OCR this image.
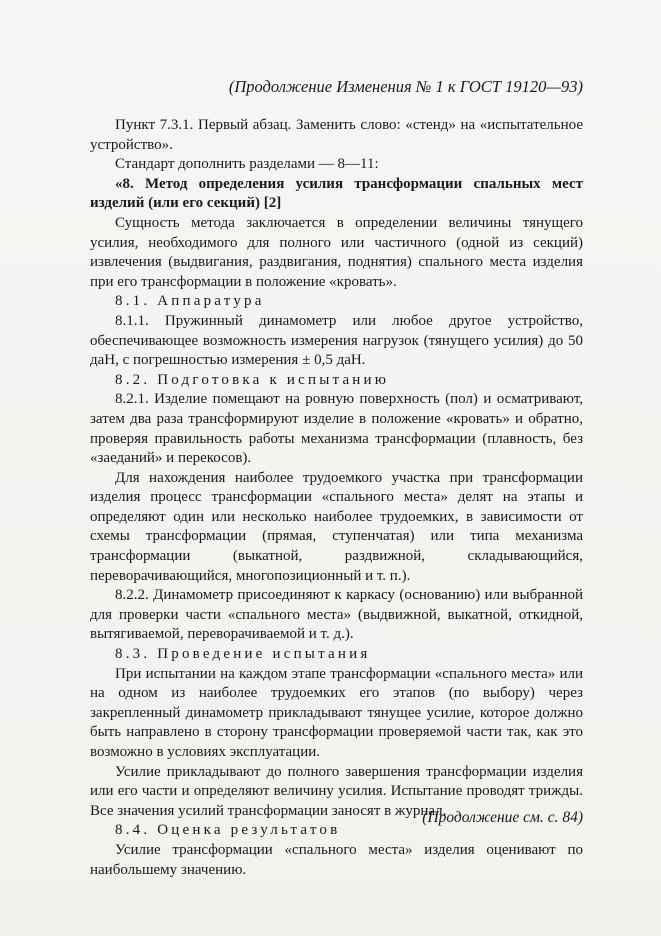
(Продолжение Изменения № 1 к ГОСТ 19120—93)

Пункт 7.3.1. Первый абзац. Заменить слово: «стенд» на «испытательное устройство».

Стандарт дополнить разделами — 8—11:

«8. Метод определения усилия трансформации спальных мест изделий (или его секций) [2]

Сущность метода заключается в определении величины тянущего усилия, необходимого для полного или частичного (одной из секций) извлечения (выдвигания, раздвигания, поднятия) спального места изделия при его трансформации в положение «кровать».

8.1. Аппаратура

8.1.1. Пружинный динамометр или любое другое устройство, обеспечивающее возможность измерения нагрузок (тянущего усилия) до 50 даН, с погрешностью измерения ± 0,5 даН.

8.2. Подготовка к испытанию

8.2.1. Изделие помещают на ровную поверхность (пол) и осматривают, затем два раза трансформируют изделие в положение «кровать» и обратно, проверяя правильность работы механизма трансформации (плавность, без «заеданий» и перекосов).

Для нахождения наиболее трудоемкого участка при трансформации изделия процесс трансформации «спального места» делят на этапы и определяют один или несколько наиболее трудоемких, в зависимости от схемы трансформации (прямая, ступенчатая) или типа механизма трансформации (выкатной, раздвижной, складывающийся, переворачивающийся, многопозиционный и т. п.).

8.2.2. Динамометр присоединяют к каркасу (основанию) или выбранной для проверки части «спального места» (выдвижной, выкатной, откидной, вытягиваемой, переворачиваемой и т. д.).

8.3. Проведение испытания

При испытании на каждом этапе трансформации «спального места» или на одном из наиболее трудоемких его этапов (по выбору) через закрепленный динамометр прикладывают тянущее усилие, которое должно быть направлено в сторону трансформации проверяемой части так, как это возможно в условиях эксплуатации.

Усилие прикладывают до полного завершения трансформации изделия или его части и определяют величину усилия. Испытание проводят трижды. Все значения усилий трансформации заносят в журнал.

8.4. Оценка результатов

Усилие трансформации «спального места» изделия оценивают по наибольшему значению.

(Продолжение см. с. 84)
